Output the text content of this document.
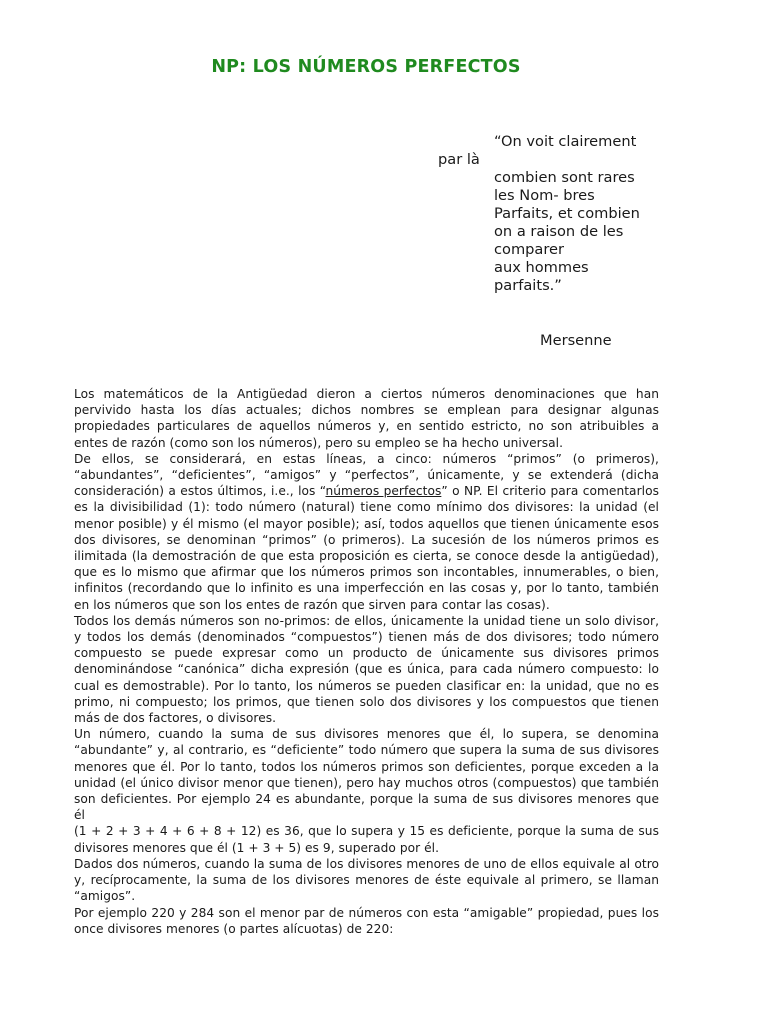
NP: LOS NÚMEROS PERFECTOS
par là
“On voit clairement
combien sont rares
les Nom- bres
Parfaits, et combien
on a raison de les
comparer
aux hommes
parfaits.”
Mersenne

Los matemáticos de la Antigüedad dieron a ciertos números denominaciones que han pervivido hasta los días actuales; dichos nombres se emplean para designar algunas propiedades particulares de aquellos números y, en sentido estricto, no son atribuibles a entes de razón (como son los números), pero su empleo se ha hecho universal.

De ellos, se considerará, en estas líneas, a cinco: números “primos” (o primeros), “abundantes”, “deficientes”, “amigos” y “perfectos”, únicamente, y se extenderá (dicha consideración) a estos últimos, i.e., los “números perfectos” o NP. El criterio para comentarlos es la divisibilidad (1): todo número (natural) tiene como mínimo dos divisores: la unidad (el menor posible) y él mismo (el mayor posible); así, todos aquellos que tienen únicamente esos dos divisores, se denominan “primos” (o primeros). La sucesión de los números primos es ilimitada (la demostración de que esta proposición es cierta, se conoce desde la antigüedad), que es lo mismo que afirmar que los números primos son incontables, innumerables, o bien, infinitos (recordando que lo infinito es una imperfección en las cosas y, por lo tanto, también en los números que son los entes de razón que sirven para contar las cosas).

Todos los demás números son no-primos: de ellos, únicamente la unidad tiene un solo divisor, y todos los demás (denominados “compuestos”) tienen más de dos divisores; todo número compuesto se puede expresar como un producto de únicamente sus divisores primos denominándose “canónica” dicha expresión (que es única, para cada número compuesto: lo cual es demostrable). Por lo tanto, los números se pueden clasificar en: la unidad, que no es primo, ni compuesto; los primos, que tienen solo dos divisores y los compuestos que tienen más de dos factores, o divisores.

Un número, cuando la suma de sus divisores menores que él, lo supera, se denomina “abundante” y, al contrario, es “deficiente” todo número que supera la suma de sus divisores menores que él. Por lo tanto, todos los números primos son deficientes, porque exceden a la unidad (el único divisor menor que tienen), pero hay muchos otros (compuestos) que también son deficientes. Por ejemplo 24 es abundante, porque la suma de sus divisores menores que él

(1 + 2 + 3 + 4 + 6 + 8 + 12) es 36, que lo supera y 15 es deficiente, porque la suma de sus divisores menores que él (1 + 3 + 5) es 9, superado por él.

Dados dos números, cuando la suma de los divisores menores de uno de ellos equivale al otro y, recíprocamente, la suma de los divisores menores de éste equivale al primero, se llaman “amigos”.

Por ejemplo 220 y 284 son el menor par de números con esta “amigable” propiedad, pues los once divisores menores (o partes alícuotas) de 220:
